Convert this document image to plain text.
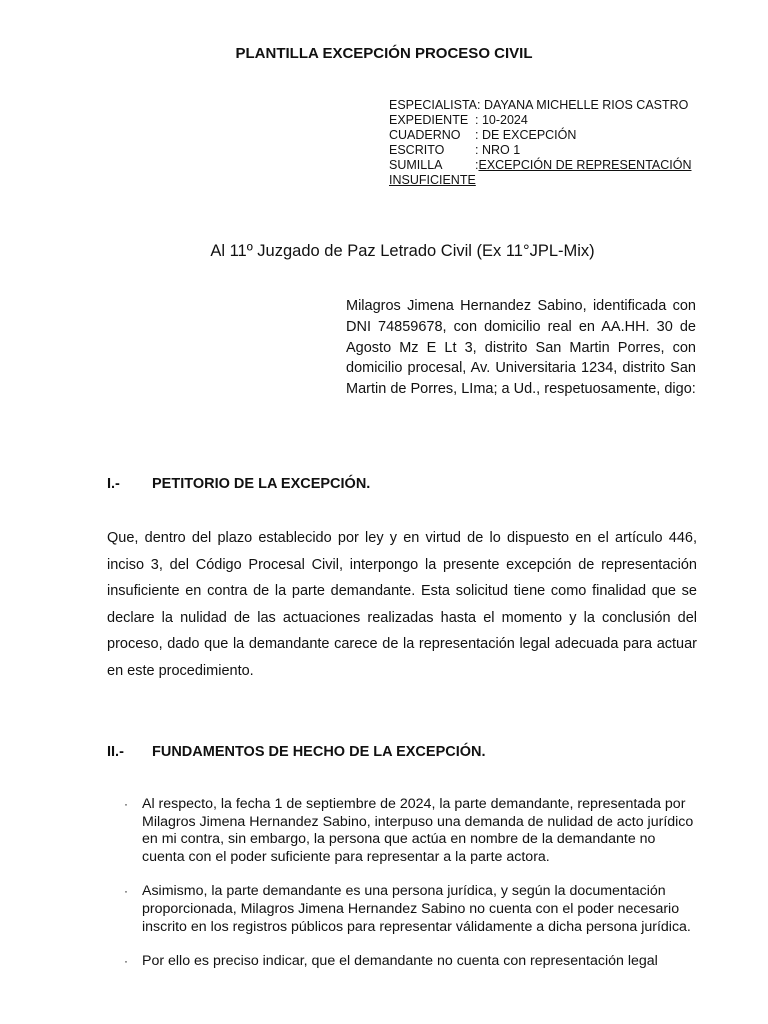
PLANTILLA EXCEPCIÓN PROCESO CIVIL
ESPECIALISTA:
DAYANA MICHELLE RIOS CASTRO
EXPEDIENTE : 10-2024
CUADERNO	: DE EXCEPCIÓN
ESCRITO	: NRO 1
SUMILLA	: EXCEPCIÓN DE REPRESENTACIÓN
INSUFICIENTE
Al 11º Juzgado de Paz Letrado Civil (Ex 11°JPL-Mix)
Milagros Jimena Hernandez Sabino, identificada con DNI 74859678, con domicilio real en AA.HH. 30 de Agosto Mz E Lt 3, distrito San Martin Porres, con domicilio procesal, Av. Universitaria 1234, distrito San Martin de Porres, LIma; a Ud., respetuosamente, digo:
I.- PETITORIO DE LA EXCEPCIÓN.
Que, dentro del plazo establecido por ley y en virtud de lo dispuesto en el artículo 446, inciso 3, del Código Procesal Civil, interpongo la presente excepción de representación insuficiente en contra de la parte demandante. Esta solicitud tiene como finalidad que se declare la nulidad de las actuaciones realizadas hasta el momento y la conclusión del proceso, dado que la demandante carece de la representación legal adecuada para actuar en este procedimiento.
II.- FUNDAMENTOS DE HECHO DE LA EXCEPCIÓN.
· Al respecto, la fecha 1 de septiembre de 2024, la parte demandante, representada por Milagros Jimena Hernandez Sabino, interpuso una demanda de nulidad de acto jurídico en mi contra, sin embargo, la persona que actúa en nombre de la demandante no cuenta con el poder suficiente para representar a la parte actora.
· Asimismo, la parte demandante es una persona jurídica, y según la documentación proporcionada, Milagros Jimena Hernandez Sabino no cuenta con el poder necesario inscrito en los registros públicos para representar válidamente a dicha persona jurídica.
· Por ello es preciso indicar, que el demandante no cuenta con representación legal
